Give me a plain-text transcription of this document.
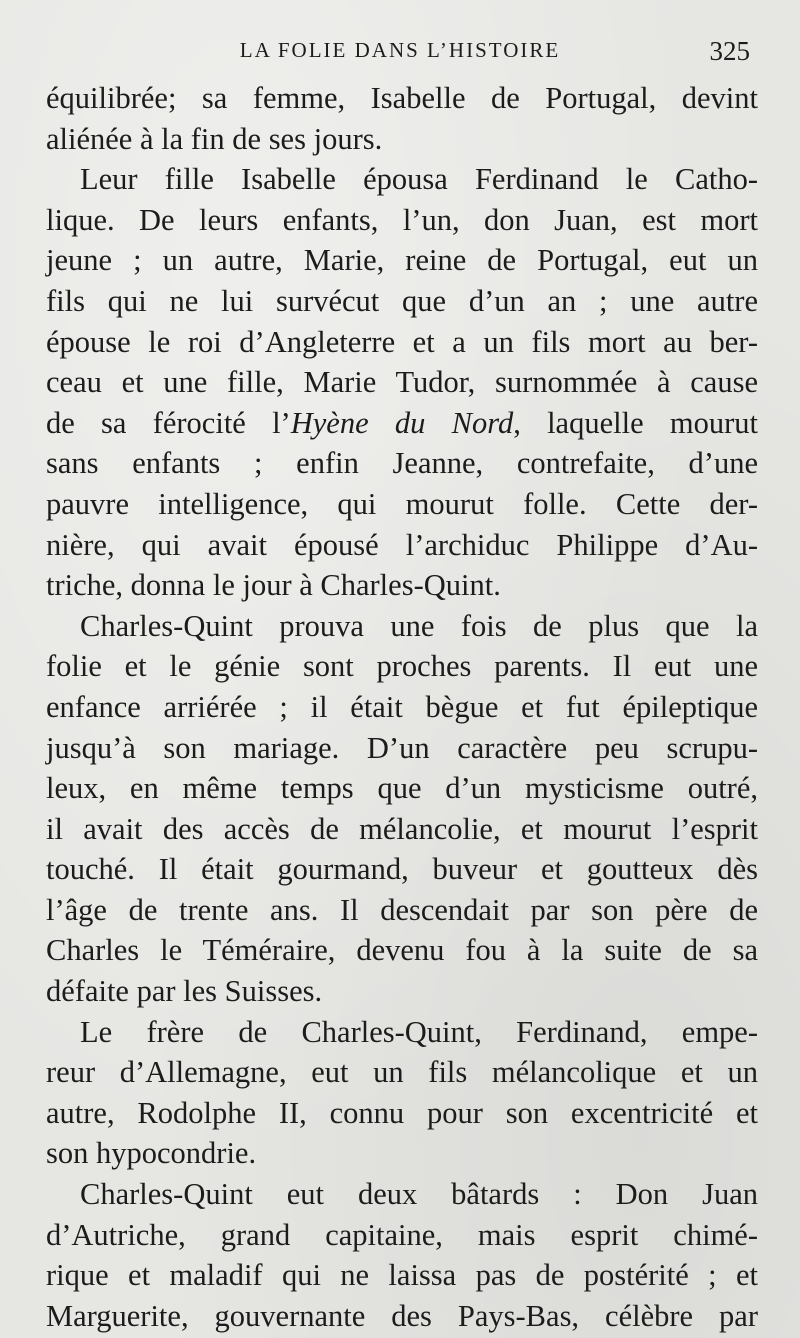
LA FOLIE DANS L’HISTOIRE	325
équilibrée; sa femme, Isabelle de Portugal, devint
aliénée à la fin de ses jours.
Leur fille Isabelle épousa Ferdinand le Catho-
lique. De leurs enfants, l’un, don Juan, est mort
jeune ; un autre, Marie, reine de Portugal, eut un
fils qui ne lui survécut que d’un an ; une autre
épouse le roi d’Angleterre et a un fils mort au ber-
ceau et une fille, Marie Tudor, surnommée à cause
de sa férocité l’Hyène du Nord, laquelle mourut
sans enfants ; enfin Jeanne, contrefaite, d’une
pauvre intelligence, qui mourut folle. Cette der-
nière, qui avait épousé l’archiduc Philippe d’Au-
triche, donna le jour à Charles-Quint.
Charles-Quint prouva une fois de plus que la
folie et le génie sont proches parents. Il eut une
enfance arriérée ; il était bègue et fut épileptique
jusqu’à son mariage. D’un caractère peu scrupu-
leux, en même temps que d’un mysticisme outré,
il avait des accès de mélancolie, et mourut l’esprit
touché. Il était gourmand, buveur et goutteux dès
l’âge de trente ans. Il descendait par son père de
Charles le Téméraire, devenu fou à la suite de sa
défaite par les Suisses.
Le frère de Charles-Quint, Ferdinand, empe-
reur d’Allemagne, eut un fils mélancolique et un
autre, Rodolphe II, connu pour son excentricité et
son hypocondrie.
Charles-Quint eut deux bâtards : Don Juan
d’Autriche, grand capitaine, mais esprit chimé-
rique et maladif qui ne laissa pas de postérité ; et
Marguerite, gouvernante des Pays-Bas, célèbre par
